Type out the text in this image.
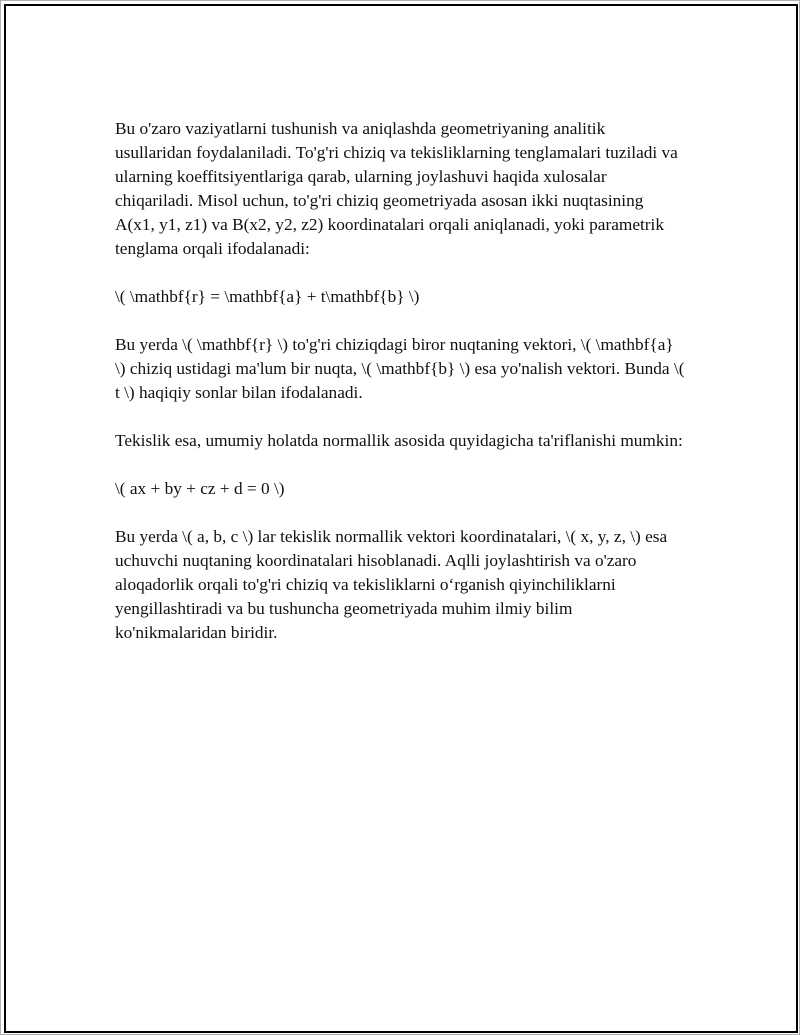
Bu o'zaro vaziyatlarni tushunish va aniqlashda geometriyaning analitik usullaridan foydalaniladi. To'g'ri chiziq va tekisliklarning tenglamalari tuziladi va ularning koeffitsiyentlariga qarab, ularning joylashuvi haqida xulosalar chiqariladi. Misol uchun, to'g'ri chiziq geometriyada asosan ikki nuqtasining A(x1, y1, z1) va B(x2, y2, z2) koordinatalari orqali aniqlanadi, yoki parametrik tenglama orqali ifodalanadi:

\( \mathbf{r} = \mathbf{a} + t\mathbf{b} \)

Bu yerda \( \mathbf{r} \) to'g'ri chiziqdagi biror nuqtaning vektori, \( \mathbf{a} \) chiziq ustidagi ma'lum bir nuqta, \( \mathbf{b} \) esa yo'nalish vektori. Bunda \( t \) haqiqiy sonlar bilan ifodalanadi.

Tekislik esa, umumiy holatda normallik asosida quyidagicha ta'riflanishi mumkin:

\( ax + by + cz + d = 0 \)

Bu yerda \( a, b, c \) lar tekislik normallik vektori koordinatalari, \( x, y, z, \) esa uchuvchi nuqtaning koordinatalari hisoblanadi. Aqlli joylashtirish va o'zaro aloqadorlik orqali to'g'ri chiziq va tekisliklarni o‘rganish qiyinchiliklarni yengillashtiradi va bu tushuncha geometriyada muhim ilmiy bilim ko'nikmalaridan biridir.
